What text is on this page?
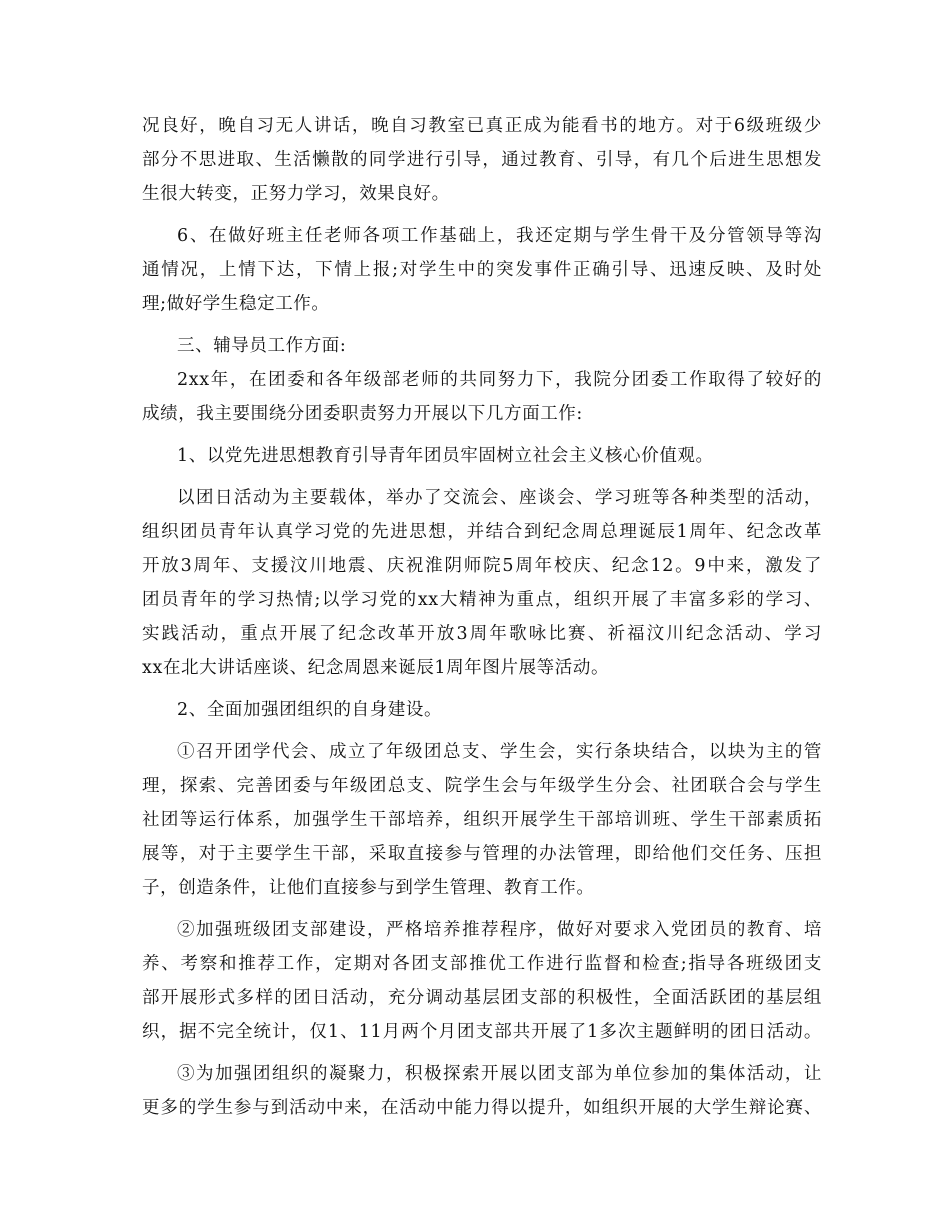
况良好，晚自习无人讲话，晚自习教室已真正成为能看书的地方。对于6级班级少
部分不思进取、生活懒散的同学进行引导，通过教育、引导，有几个后进生思想发
生很大转变，正努力学习，效果良好。
6、在做好班主任老师各项工作基础上，我还定期与学生骨干及分管领导等沟
通情况，上情下达，下情上报;对学生中的突发事件正确引导、迅速反映、及时处
理;做好学生稳定工作。
三、辅导员工作方面:
2xx年，在团委和各年级部老师的共同努力下，我院分团委工作取得了较好的
成绩，我主要围绕分团委职责努力开展以下几方面工作:
1、以党先进思想教育引导青年团员牢固树立社会主义核心价值观。
以团日活动为主要载体，举办了交流会、座谈会、学习班等各种类型的活动，
组织团员青年认真学习党的先进思想，并结合到纪念周总理诞辰1周年、纪念改革
开放3周年、支援汶川地震、庆祝淮阴师院5周年校庆、纪念12。9中来，激发了
团员青年的学习热情;以学习党的xx大精神为重点，组织开展了丰富多彩的学习、
实践活动，重点开展了纪念改革开放3周年歌咏比赛、祈福汶川纪念活动、学习
xx在北大讲话座谈、纪念周恩来诞辰1周年图片展等活动。
2、全面加强团组织的自身建设。
①召开团学代会、成立了年级团总支、学生会，实行条块结合，以块为主的管
理，探索、完善团委与年级团总支、院学生会与年级学生分会、社团联合会与学生
社团等运行体系，加强学生干部培养，组织开展学生干部培训班、学生干部素质拓
展等，对于主要学生干部，采取直接参与管理的办法管理，即给他们交任务、压担
子，创造条件，让他们直接参与到学生管理、教育工作。
②加强班级团支部建设，严格培养推荐程序，做好对要求入党团员的教育、培
养、考察和推荐工作，定期对各团支部推优工作进行监督和检查;指导各班级团支
部开展形式多样的团日活动，充分调动基层团支部的积极性，全面活跃团的基层组
织，据不完全统计，仅1、11月两个月团支部共开展了1多次主题鲜明的团日活动。
③为加强团组织的凝聚力，积极探索开展以团支部为单位参加的集体活动，让
更多的学生参与到活动中来，在活动中能力得以提升，如组织开展的大学生辩论赛、
